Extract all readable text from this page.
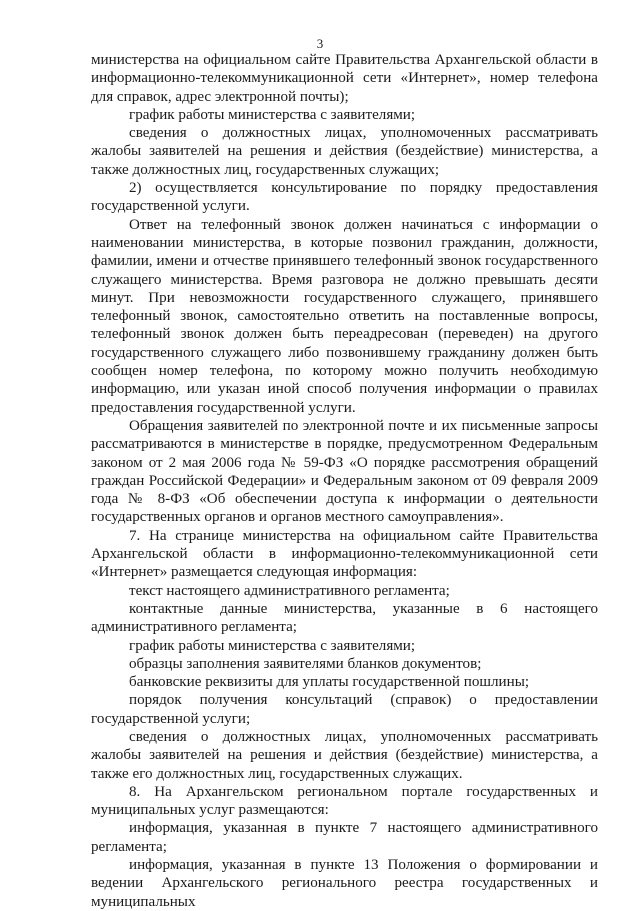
3

министерства на официальном сайте Правительства Архангельской области в информационно-телекоммуникационной сети «Интернет», номер телефона для справок, адрес электронной почты);

график работы министерства с заявителями;

сведения о должностных лицах, уполномоченных рассматривать жалобы заявителей на решения и действия (бездействие) министерства, а также должностных лиц, государственных служащих;

2) осуществляется консультирование по порядку предоставления государственной услуги.

Ответ на телефонный звонок должен начинаться с информации о наименовании министерства, в которые позвонил гражданин, должности, фамилии, имени и отчестве принявшего телефонный звонок государственного служащего министерства. Время разговора не должно превышать десяти минут. При невозможности государственного служащего, принявшего телефонный звонок, самостоятельно ответить на поставленные вопросы, телефонный звонок должен быть переадресован (переведен) на другого государственного служащего либо позвонившему гражданину должен быть сообщен номер телефона, по которому можно получить необходимую информацию, или указан иной способ получения информации о правилах предоставления государственной услуги.

Обращения заявителей по электронной почте и их письменные запросы рассматриваются в министерстве в порядке, предусмотренном Федеральным законом от 2 мая 2006 года № 59-ФЗ «О порядке рассмотрения обращений граждан Российской Федерации» и Федеральным законом от 09 февраля 2009 года № 8-ФЗ «Об обеспечении доступа к информации о деятельности государственных органов и органов местного самоуправления».

7. На странице министерства на официальном сайте Правительства Архангельской области в информационно-телекоммуникационной сети «Интернет» размещается следующая информация:

текст настоящего административного регламента;

контактные данные министерства, указанные в 6 настоящего административного регламента;

график работы министерства с заявителями;

образцы заполнения заявителями бланков документов;

банковские реквизиты для уплаты государственной пошлины;

порядок получения консультаций (справок) о предоставлении государственной услуги;

сведения о должностных лицах, уполномоченных рассматривать жалобы заявителей на решения и действия (бездействие) министерства, а также его должностных лиц, государственных служащих.

8. На Архангельском региональном портале государственных и муниципальных услуг размещаются:

информация, указанная в пункте 7 настоящего административного регламента;

информация, указанная в пункте 13 Положения о формировании и ведении Архангельского регионального реестра государственных и муниципальных
